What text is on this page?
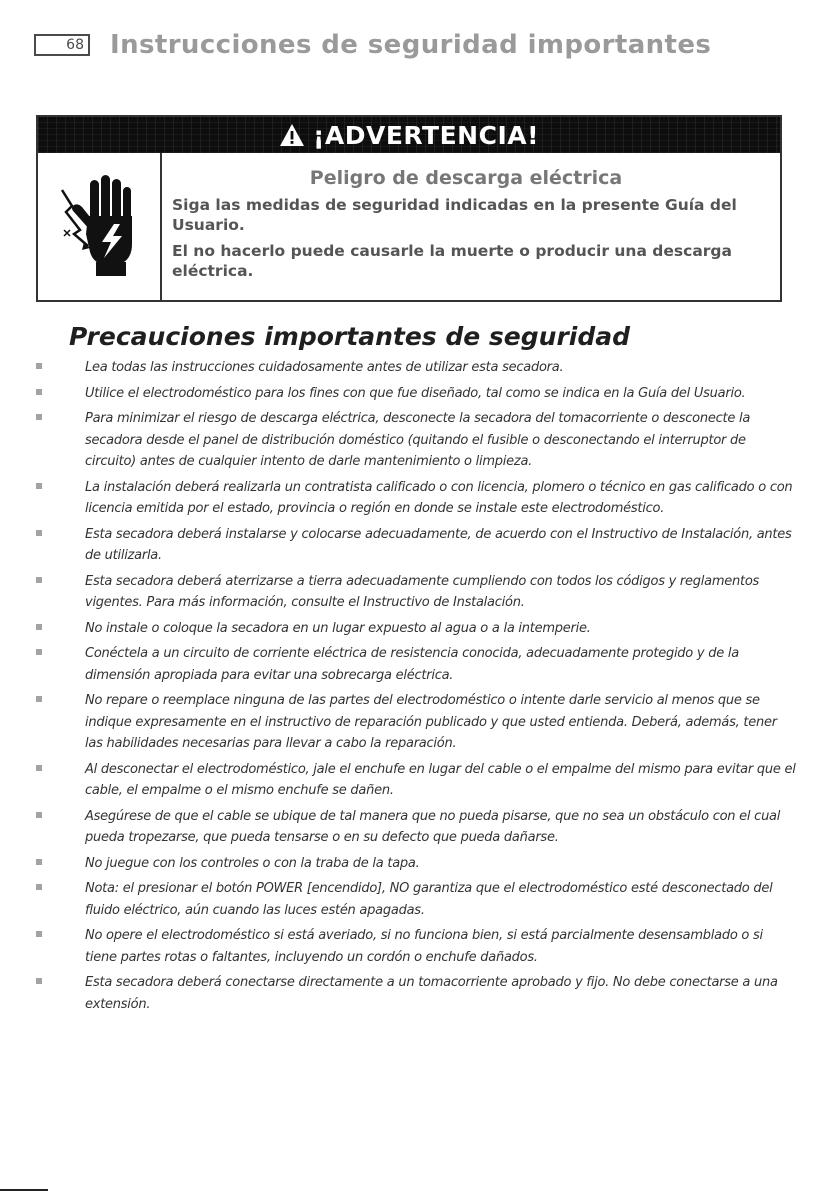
68 Instrucciones de seguridad importantes
¡ADVERTENCIA!
Peligro de descarga eléctrica

Siga las medidas de seguridad indicadas en la presente Guía del Usuario.

El no hacerlo puede causarle la muerte o producir una descarga eléctrica.

Precauciones importantes de seguridad
Lea todas las instrucciones cuidadosamente antes de utilizar esta secadora.
Utilice el electrodoméstico para los fines con que fue diseñado, tal como se indica en la Guía del Usuario.
Para minimizar el riesgo de descarga eléctrica, desconecte la secadora del tomacorriente o desconecte la secadora desde el panel de distribución doméstico (quitando el fusible o desconectando el interruptor de circuito) antes de cualquier intento de darle mantenimiento o limpieza.
La instalación deberá realizarla un contratista calificado o con licencia, plomero o técnico en gas calificado o con licencia emitida por el estado, provincia o región en donde se instale este electrodoméstico.
Esta secadora deberá instalarse y colocarse adecuadamente, de acuerdo con el Instructivo de Instalación, antes de utilizarla.
Esta secadora deberá aterrizarse a tierra adecuadamente cumpliendo con todos los códigos y reglamentos vigentes. Para más información, consulte el Instructivo de Instalación.
No instale o coloque la secadora en un lugar expuesto al agua o a la intemperie.
Conéctela a un circuito de corriente eléctrica de resistencia conocida, adecuadamente protegido y de la dimensión apropiada para evitar una sobrecarga eléctrica.
No repare o reemplace ninguna de las partes del electrodoméstico o intente darle servicio al menos que se indique expresamente en el instructivo de reparación publicado y que usted entienda. Deberá, además, tener las habilidades necesarias para llevar a cabo la reparación.
Al desconectar el electrodoméstico, jale el enchufe en lugar del cable o el empalme del mismo para evitar que el cable, el empalme o el mismo enchufe se dañen.
Asegúrese de que el cable se ubique de tal manera que no pueda pisarse, que no sea un obstáculo con el cual pueda tropezarse, que pueda tensarse o en su defecto que pueda dañarse.
No juegue con los controles o con la traba de la tapa.
Nota: el presionar el botón POWER [encendido], NO garantiza que el electrodoméstico esté desconectado del fluido eléctrico, aún cuando las luces estén apagadas.
No opere el electrodoméstico si está averiado, si no funciona bien, si está parcialmente desensamblado o si tiene partes rotas o faltantes, incluyendo un cordón o enchufe dañados.
Esta secadora deberá conectarse directamente a un tomacorriente aprobado y fijo. No debe conectarse a una extensión.
